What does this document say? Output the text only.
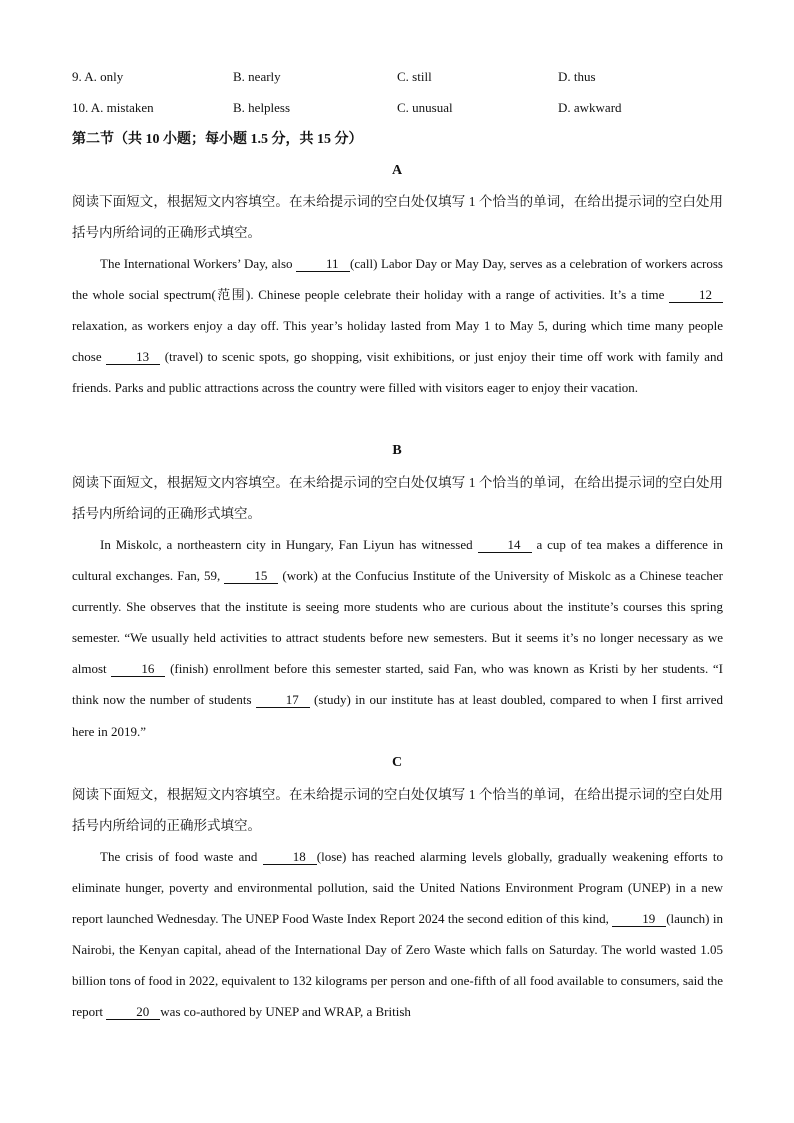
9. A. only	B. nearly	C. still	D. thus
10. A. mistaken	B. helpless	C. unusual	D. awkward
第二节（共 10 小题；每小题 1.5 分，共 15 分）
A
阅读下面短文，根据短文内容填空。在未给提示词的空白处仅填写 1 个恰当的单词，在给出提示词的空白处用括号内所给词的正确形式填空。
The International Workers’ Day, also 11 (call) Labor Day or May Day, serves as a celebration of workers across the whole social spectrum(范围). Chinese people celebrate their holiday with a range of activities. It’s a time 12 relaxation, as workers enjoy a day off. This year’s holiday lasted from May 1 to May 5, during which time many people chose 13 (travel) to scenic spots, go shopping, visit exhibitions, or just enjoy their time off work with family and friends. Parks and public attractions across the country were filled with visitors eager to enjoy their vacation.
B
阅读下面短文，根据短文内容填空。在未给提示词的空白处仅填写 1 个恰当的单词，在给出提示词的空白处用括号内所给词的正确形式填空。
In Miskolc, a northeastern city in Hungary, Fan Liyun has witnessed 14 a cup of tea makes a difference in cultural exchanges. Fan, 59, 15 (work) at the Confucius Institute of the University of Miskolc as a Chinese teacher currently. She observes that the institute is seeing more students who are curious about the institute’s courses this spring semester. “We usually held activities to attract students before new semesters. But it seems it’s no longer necessary as we almost 16 (finish) enrollment before this semester started, said Fan, who was known as Kristi by her students. “I think now the number of students 17 (study) in our institute has at least doubled, compared to when I first arrived here in 2019.”
C
阅读下面短文，根据短文内容填空。在未给提示词的空白处仅填写 1 个恰当的单词，在给出提示词的空白处用括号内所给词的正确形式填空。
The crisis of food waste and 18 (lose) has reached alarming levels globally, gradually weakening efforts to eliminate hunger, poverty and environmental pollution, said the United Nations Environment Program (UNEP) in a new report launched Wednesday. The UNEP Food Waste Index Report 2024 the second edition of this kind, 19 (launch) in Nairobi, the Kenyan capital, ahead of the International Day of Zero Waste which falls on Saturday. The world wasted 1.05 billion tons of food in 2022, equivalent to 132 kilograms per person and one-fifth of all food available to consumers, said the report 20 was co-authored by UNEP and WRAP, a British
